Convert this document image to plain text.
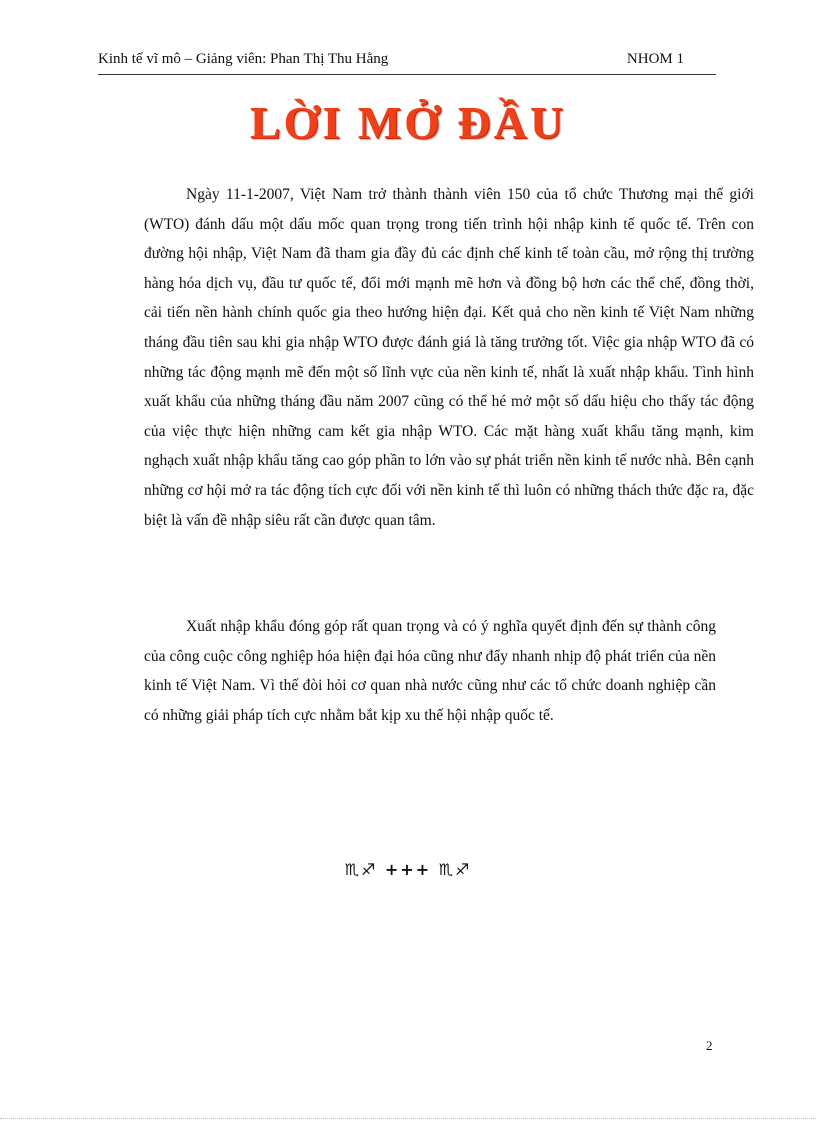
Kinh tế vĩ mô – Giảng viên: Phan Thị Thu Hằng	NHOM 1
LỜI MỞ ĐẦU

Ngày 11-1-2007, Việt Nam trở thành thành viên 150 của tổ chức Thương mại thế giới (WTO) đánh dấu một dấu mốc quan trọng trong tiến trình hội nhập kinh tế quốc tế. Trên con đường hội nhập, Việt Nam đã tham gia đầy đủ các định chế kinh tế toàn cầu, mở rộng thị trường hàng hóa dịch vụ, đầu tư quốc tế, đổi mới mạnh mẽ hơn và đồng bộ hơn các thể chế, đồng thời, cải tiến nền hành chính quốc gia theo hướng hiện đại. Kết quả cho nền kinh tế Việt Nam những tháng đầu tiên sau khi gia nhập WTO được đánh giá là tăng trưởng tốt. Việc gia nhập WTO đã có những tác động mạnh mẽ đến một số lĩnh vực của nền kinh tế, nhất là xuất nhập khẩu. Tình hình xuất khẩu của những tháng đầu năm 2007 cũng có thể hé mở một số dấu hiệu cho thấy tác động của việc thực hiện những cam kết gia nhập WTO. Các mặt hàng xuất khẩu tăng mạnh, kim nghạch xuất nhập khẩu tăng cao góp phần to lớn vào sự phát triển nền kinh tế nước nhà. Bên cạnh những cơ hội mở ra tác động tích cực đối với nền kinh tế thì luôn có những thách thức đặc ra, đặc biệt là vấn đề nhập siêu rất cần được quan tâm.

Xuất nhập khẩu đóng góp rất quan trọng và có ý nghĩa quyết định đến sự thành công của công cuộc công nghiệp hóa hiện đại hóa cũng như đẩy nhanh nhịp độ phát triển của nền kinh tế Việt Nam. Vì thế đòi hỏi cơ quan nhà nước cũng như các tổ chức doanh nghiệp cần có những giải pháp tích cực nhằm bắt kịp xu thế hội nhập quốc tế.

♏♐ +++ ♏♐
2
